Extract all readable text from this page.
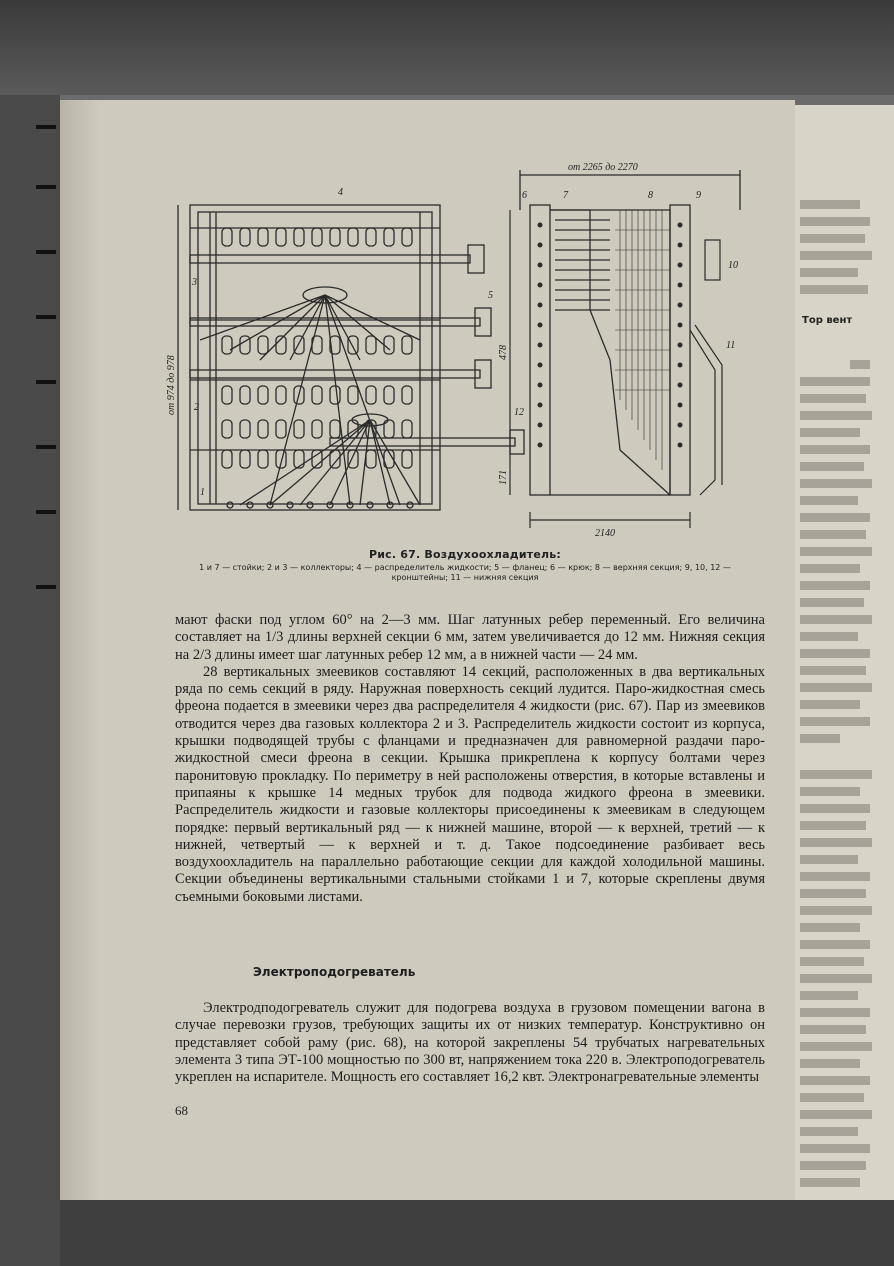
Тор вент
от 2265 до 2270
2140
478
171
от 974 до 978
1
2
3
4
5
6	7	8	9
10
11
12
Рис. 67. Воздухоохладитель:
1 и 7 — стойки; 2 и 3 — коллекторы; 4 — распределитель жидкости; 5 — фланец; 6 — крюк; 8 — верхняя секция; 9, 10, 12 — кронштейны; 11 — нижняя секция

мают фаски под углом 60° на 2—3 мм. Шаг латунных ребер переменный. Его величина составляет на 1/3 длины верхней секции 6 мм, затем увеличивается до 12 мм. Нижняя секция на 2/3 длины имеет шаг латунных ребер 12 мм, а в нижней части — 24 мм.

28 вертикальных змеевиков составляют 14 секций, расположенных в два вертикальных ряда по семь секций в ряду. Наружная поверхность секций лудится. Паро-жидкостная смесь фреона подается в змеевики через два распределителя 4 жидкости (рис. 67). Пар из змеевиков отводится через два газовых коллектора 2 и 3. Распределитель жидкости состоит из корпуса, крышки подводящей трубы с фланцами и предназначен для равномерной раздачи паро-жидкостной смеси фреона в секции. Крышка прикреплена к корпусу болтами через паронитовую прокладку. По периметру в ней расположены отверстия, в которые вставлены и припаяны к крышке 14 медных трубок для подвода жидкого фреона в змеевики. Распределитель жидкости и газовые коллекторы присоединены к змеевикам в следующем порядке: первый вертикальный ряд — к нижней машине, второй — к верхней, третий — к нижней, четвертый — к верхней и т. д. Такое подсоединение разбивает весь воздухоохладитель на параллельно работающие секции для каждой холодильной машины. Секции объединены вертикальными стальными стойками 1 и 7, которые скреплены двумя съемными боковыми листами.

Электроподогреватель

Электродподогреватель служит для подогрева воздуха в грузовом помещении вагона в случае перевозки грузов, требующих защиты их от низких температур. Конструктивно он представляет собой раму (рис. 68), на которой закреплены 54 трубчатых нагревательных элемента 3 типа ЭТ-100 мощностью по 300 вт, напряжением тока 220 в. Электроподогреватель укреплен на испарителе. Мощность его составляет 16,2 квт. Электронагревательные элементы

68
